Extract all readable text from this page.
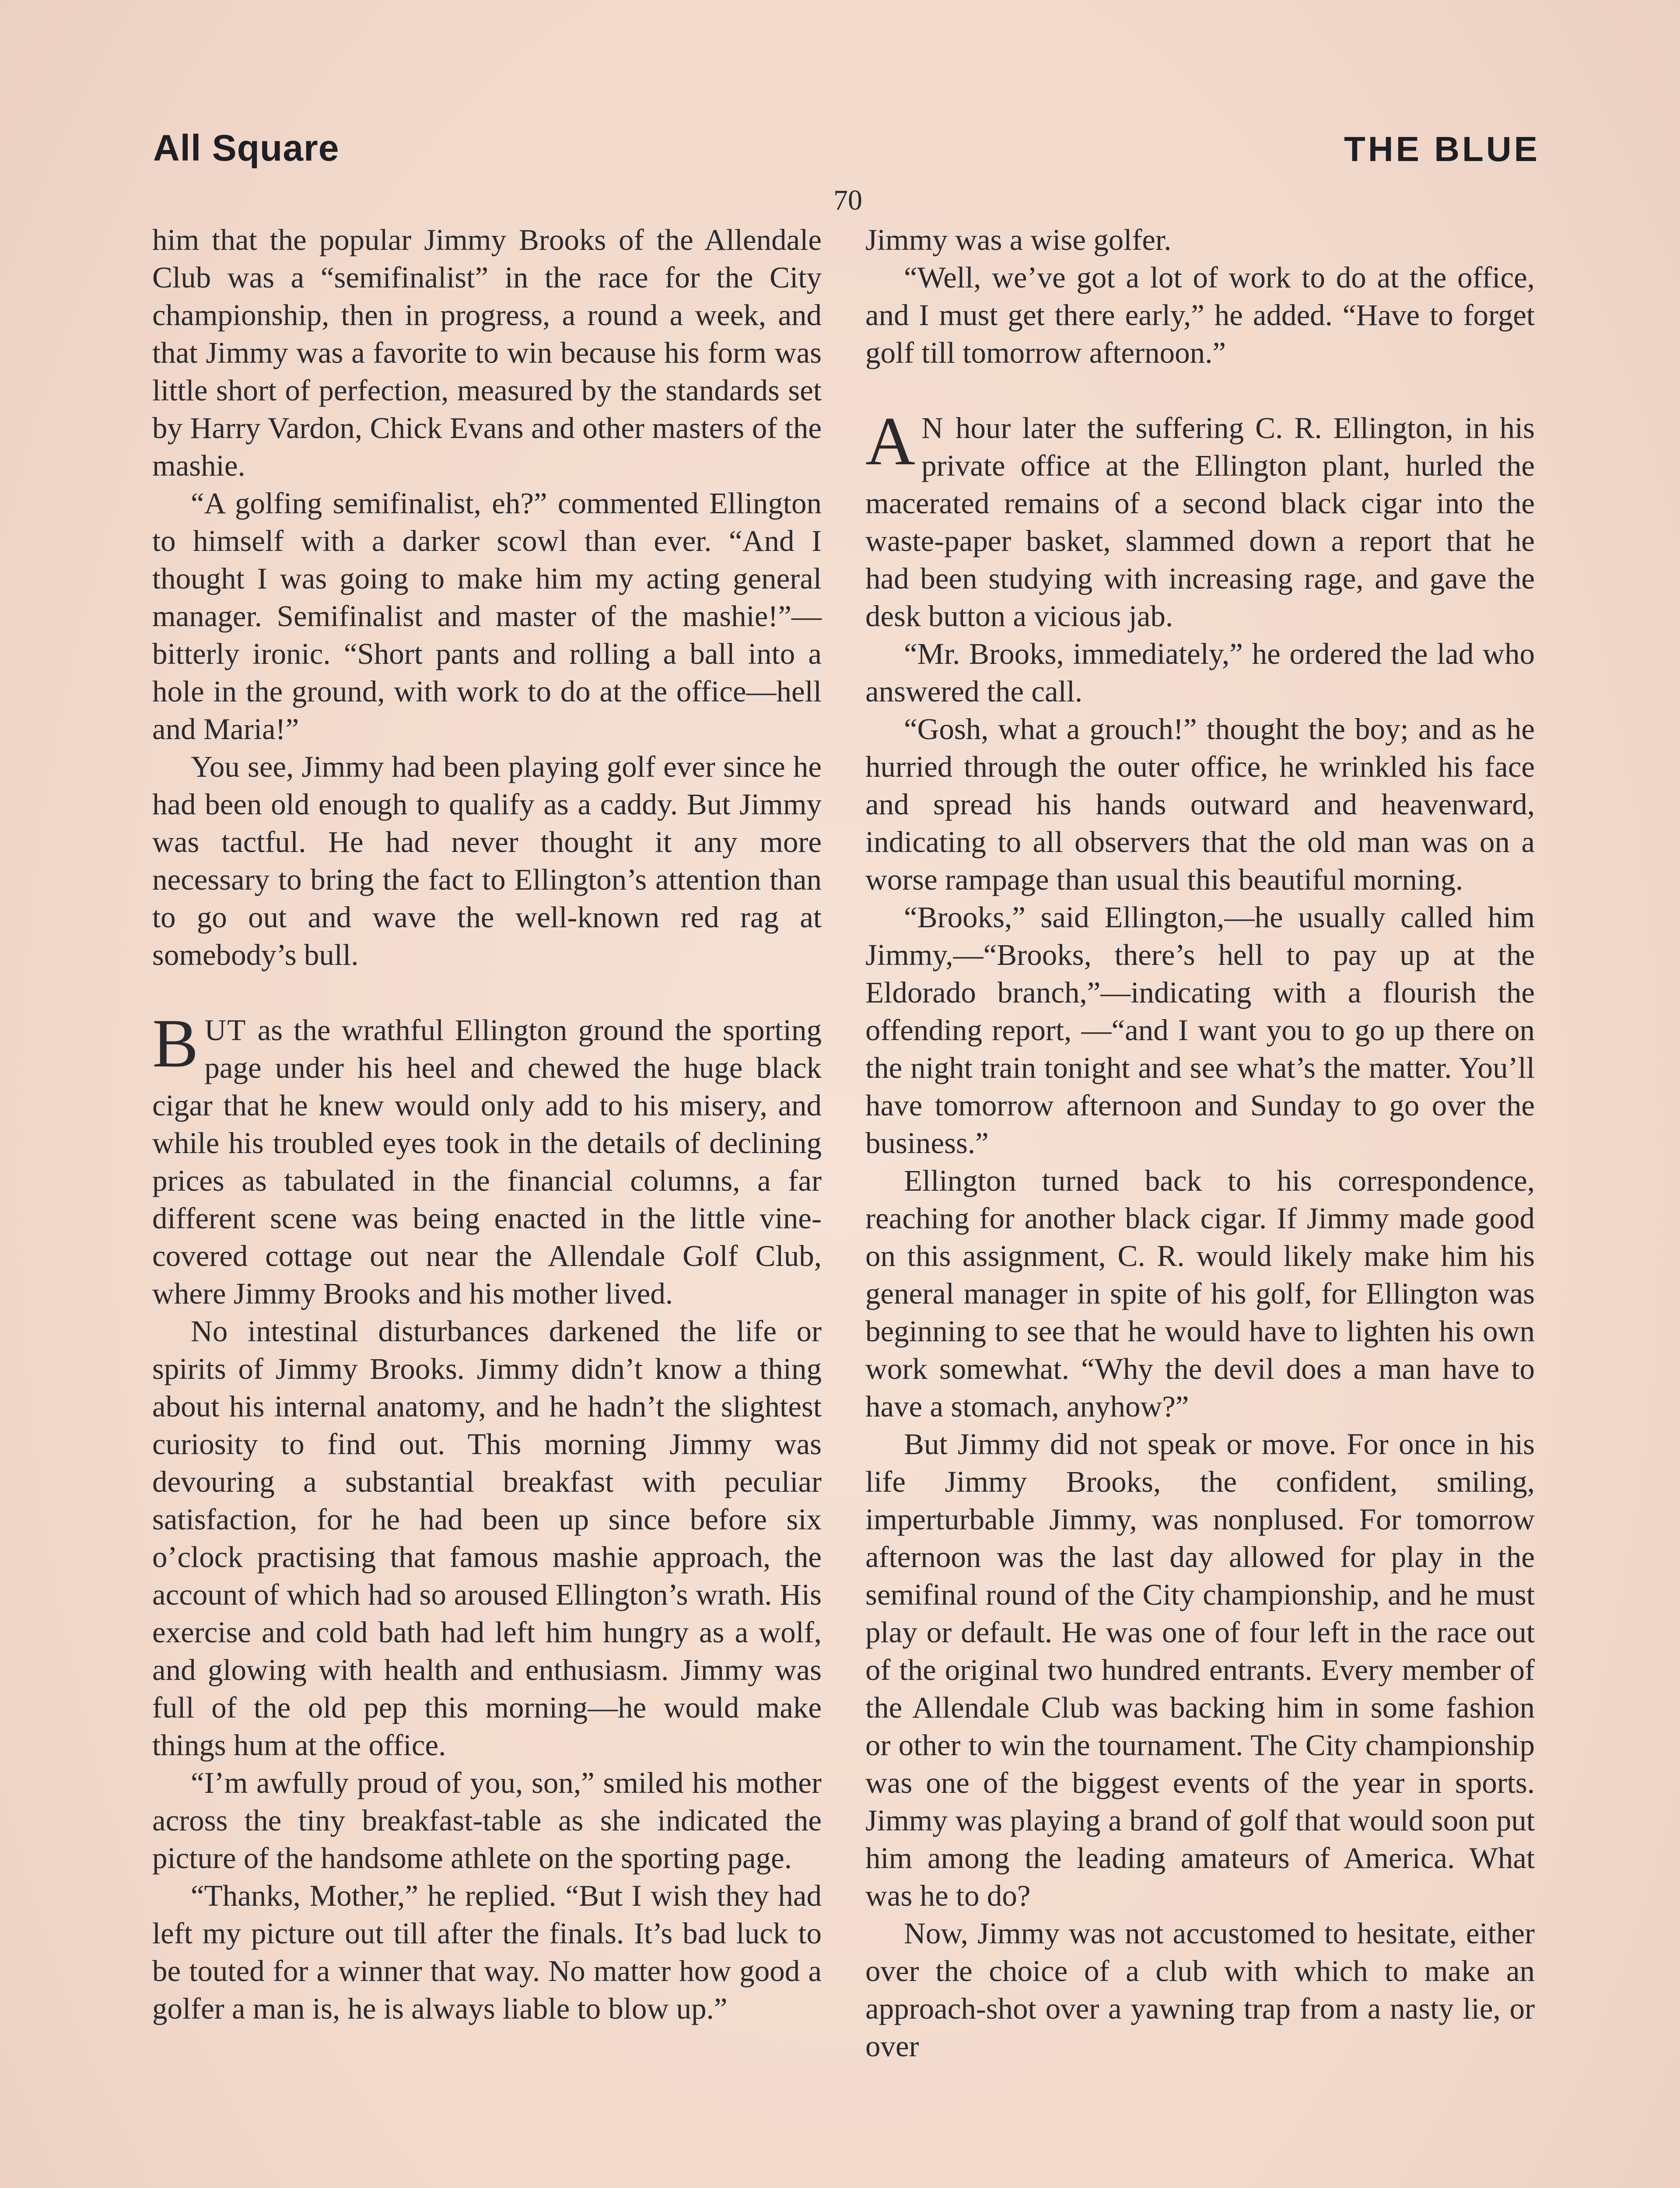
All Square	THE BLUE
70

him that the popular Jimmy Brooks of the Allendale Club was a “semifinalist” in the race for the City championship, then in progress, a round a week, and that Jimmy was a favorite to win because his form was little short of perfection, measured by the standards set by Harry Vardon, Chick Evans and other masters of the mashie.

“A golfing semifinalist, eh?” commented Ellington to himself with a darker scowl than ever. “And I thought I was going to make him my acting general manager. Semifinalist and master of the mashie!”—bitterly ironic. “Short pants and rolling a ball into a hole in the ground, with work to do at the office—hell and Maria!”

You see, Jimmy had been playing golf ever since he had been old enough to qualify as a caddy. But Jimmy was tactful. He had never thought it any more necessary to bring the fact to Ellington’s attention than to go out and wave the well-known red rag at somebody’s bull.

BUT as the wrathful Ellington ground the sporting page under his heel and chewed the huge black cigar that he knew would only add to his misery, and while his troubled eyes took in the details of declining prices as tabulated in the financial columns, a far different scene was being enacted in the little vine-covered cottage out near the Allendale Golf Club, where Jimmy Brooks and his mother lived.

No intestinal disturbances darkened the life or spirits of Jimmy Brooks. Jimmy didn’t know a thing about his internal anatomy, and he hadn’t the slightest curiosity to find out. This morning Jimmy was devouring a substantial breakfast with peculiar satisfaction, for he had been up since before six o’clock practising that famous mashie approach, the account of which had so aroused Ellington’s wrath. His exercise and cold bath had left him hungry as a wolf, and glowing with health and enthusiasm. Jimmy was full of the old pep this morning—he would make things hum at the office.

“I’m awfully proud of you, son,” smiled his mother across the tiny breakfast-table as she indicated the picture of the handsome athlete on the sporting page.

“Thanks, Mother,” he replied. “But I wish they had left my picture out till after the finals. It’s bad luck to be touted for a winner that way. No matter how good a golfer a man is, he is always liable to blow up.”

Jimmy was a wise golfer.

“Well, we’ve got a lot of work to do at the office, and I must get there early,” he added. “Have to forget golf till tomorrow afternoon.”

A N hour later the suffering C. R. Ellington, in his private office at the Ellington plant, hurled the macerated remains of a second black cigar into the waste-paper basket, slammed down a report that he had been studying with increasing rage, and gave the desk button a vicious jab.

“Mr. Brooks, immediately,” he ordered the lad who answered the call.

“Gosh, what a grouch!” thought the boy; and as he hurried through the outer office, he wrinkled his face and spread his hands outward and heavenward, indicating to all observers that the old man was on a worse rampage than usual this beautiful morning.

“Brooks,” said Ellington,—he usually called him Jimmy,—“Brooks, there’s hell to pay up at the Eldorado branch,”—indicating with a flourish the offending report, —“and I want you to go up there on the night train tonight and see what’s the matter. You’ll have tomorrow afternoon and Sunday to go over the business.”

Ellington turned back to his correspondence, reaching for another black cigar. If Jimmy made good on this assignment, C. R. would likely make him his general manager in spite of his golf, for Ellington was beginning to see that he would have to lighten his own work somewhat. “Why the devil does a man have to have a stomach, anyhow?”

But Jimmy did not speak or move. For once in his life Jimmy Brooks, the confident, smiling, imperturbable Jimmy, was nonplused. For tomorrow afternoon was the last day allowed for play in the semifinal round of the City championship, and he must play or default. He was one of four left in the race out of the original two hundred entrants. Every member of the Allendale Club was backing him in some fashion or other to win the tournament. The City championship was one of the biggest events of the year in sports. Jimmy was playing a brand of golf that would soon put him among the leading amateurs of America. What was he to do?

Now, Jimmy was not accustomed to hesitate, either over the choice of a club with which to make an approach-shot over a yawning trap from a nasty lie, or over
